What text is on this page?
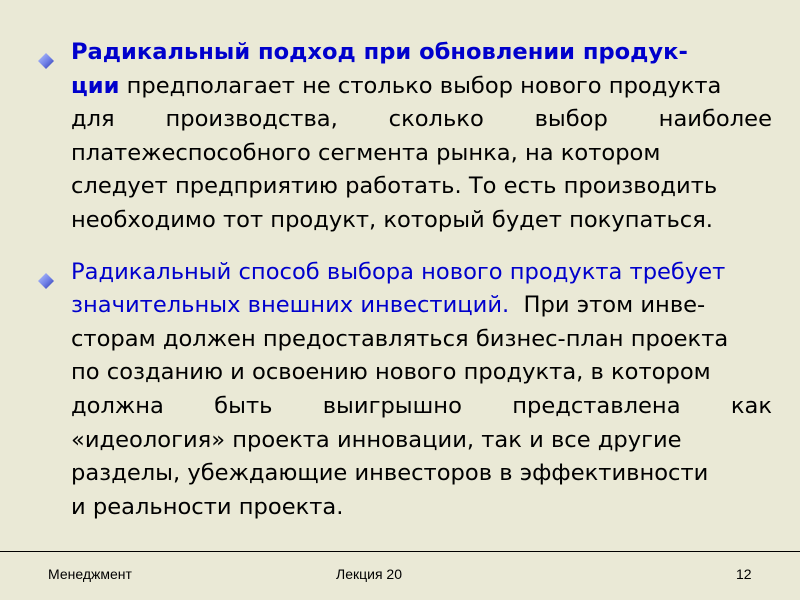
Радикальный подход при обновлении продук-
ции предполагает не столько выбор нового продукта
для   производства,   сколько   выбор   наиболее
платежеспособного сегмента рынка, на котором
следует предприятию работать. То есть производить
необходимо тот продукт, который будет покупаться.
Радикальный способ выбора нового продукта требует
значительных внешних инвестиций.  При этом инве-
сторам должен предоставляться бизнес-план проекта
по созданию и освоению нового продукта, в котором
должна   быть   выигрышно   представлена   как
«идеология» проекта инновации, так и все другие
разделы, убеждающие инвесторов в эффективности
и реальности проекта.
Менеджмент	Лекция 20	12
